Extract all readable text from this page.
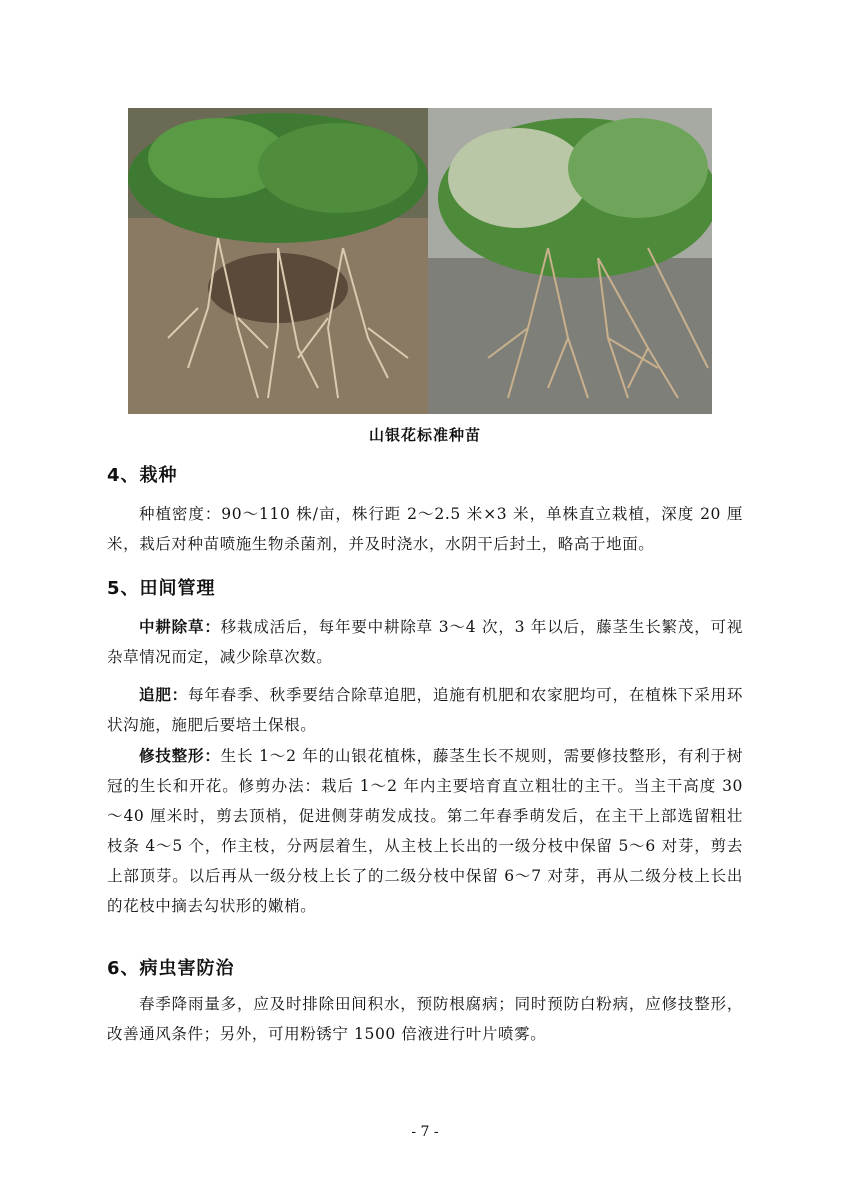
山银花标准种苗
4、栽种
种植密度：90～110 株/亩，株行距 2～2.5 米×3 米，单株直立栽植，深度 20 厘米，栽后对种苗喷施生物杀菌剂，并及时浇水，水阴干后封土，略高于地面。
5、田间管理
中耕除草：移栽成活后，每年要中耕除草 3～4 次，3 年以后，藤茎生长繁茂，可视杂草情况而定，减少除草次数。
追肥：每年春季、秋季要结合除草追肥，追施有机肥和农家肥均可，在植株下采用环状沟施，施肥后要培土保根。
修技整形：生长 1～2 年的山银花植株，藤茎生长不规则，需要修技整形，有利于树冠的生长和开花。修剪办法：栽后 1～2 年内主要培育直立粗壮的主干。当主干高度 30～40 厘米时，剪去顶梢，促进侧芽萌发成技。第二年春季萌发后，在主干上部选留粗壮枝条 4～5 个，作主枝，分两层着生，从主枝上长出的一级分枝中保留 5～6 对芽，剪去上部顶芽。以后再从一级分枝上长了的二级分枝中保留 6～7 对芽，再从二级分枝上长出的花枝中摘去勾状形的嫩梢。
6、病虫害防治
春季降雨量多，应及时排除田间积水，预防根腐病；同时预防白粉病，应修技整形，改善通风条件；另外，可用粉锈宁 1500 倍液进行叶片喷雾。
- 7 -
